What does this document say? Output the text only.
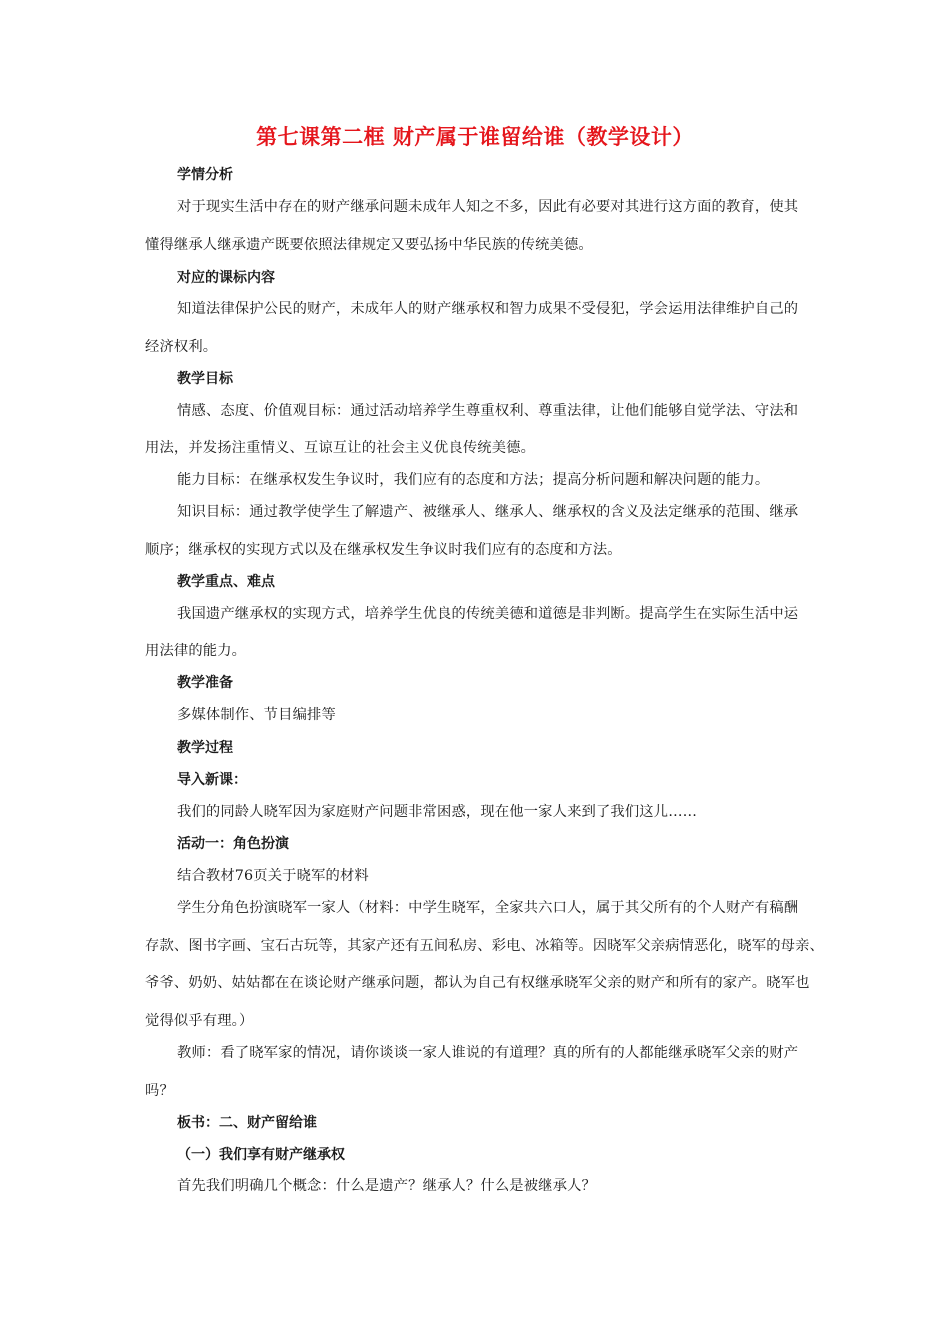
第七课第二框 财产属于谁留给谁（教学设计）
学情分析
对于现实生活中存在的财产继承问题未成年人知之不多，因此有必要对其进行这方面的教育，使其
懂得继承人继承遗产既要依照法律规定又要弘扬中华民族的传统美德。
对应的课标内容
知道法律保护公民的财产，未成年人的财产继承权和智力成果不受侵犯，学会运用法律维护自己的
经济权利。
教学目标
情感、态度、价值观目标：通过活动培养学生尊重权利、尊重法律，让他们能够自觉学法、守法和
用法，并发扬注重情义、互谅互让的社会主义优良传统美德。
能力目标：在继承权发生争议时，我们应有的态度和方法；提高分析问题和解决问题的能力。
知识目标：通过教学使学生了解遗产、被继承人、继承人、继承权的含义及法定继承的范围、继承
顺序；继承权的实现方式以及在继承权发生争议时我们应有的态度和方法。
教学重点、难点
我国遗产继承权的实现方式，培养学生优良的传统美德和道德是非判断。提高学生在实际生活中运
用法律的能力。
教学准备
多媒体制作、节目编排等
教学过程
导入新课：
我们的同龄人晓军因为家庭财产问题非常困惑，现在他一家人来到了我们这儿……
活动一：角色扮演
结合教材76页关于晓军的材料
学生分角色扮演晓军一家人（材料：中学生晓军，全家共六口人，属于其父所有的个人财产有稿酬
存款、图书字画、宝石古玩等，其家产还有五间私房、彩电、冰箱等。因晓军父亲病情恶化，晓军的母亲、
爷爷、奶奶、姑姑都在在谈论财产继承问题，都认为自己有权继承晓军父亲的财产和所有的家产。晓军也
觉得似乎有理。）
教师：看了晓军家的情况，请你谈谈一家人谁说的有道理？真的所有的人都能继承晓军父亲的财产
吗？
板书：二、财产留给谁
（一）我们享有财产继承权
首先我们明确几个概念：什么是遗产？继承人？什么是被继承人？
